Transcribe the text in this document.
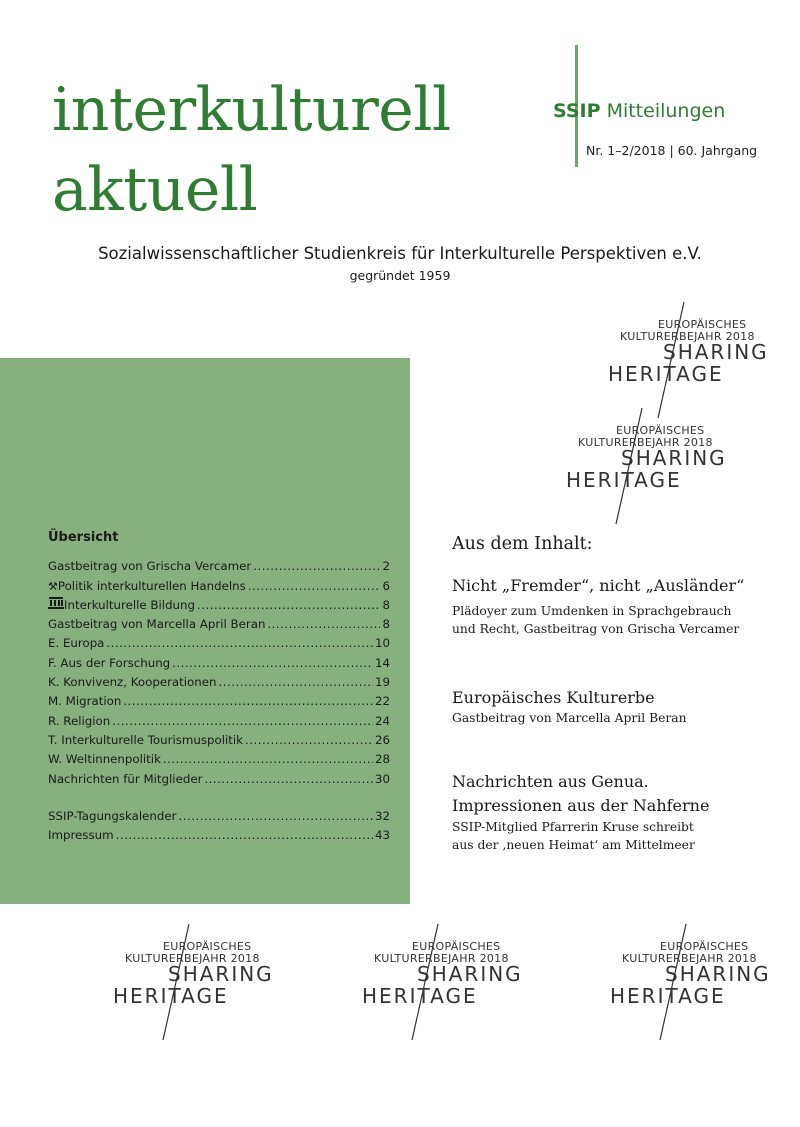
interkulturell
aktuell
SSIP Mitteilungen
Nr. 1–2/2018 | 60. Jahrgang
Sozialwissenschaftlicher Studienkreis für Interkulturelle Perspektiven e.V.
gegründet 1959
Übersicht
Gastbeitrag von Grischa Vercamer .....	2
⚒ Politik interkulturellen Handelns .....	6
Interkulturelle Bildung .....	8
Gastbeitrag von Marcella April Beran .....	8
E. Europa .....	10
F. Aus der Forschung .....	14
K. Konvivenz, Kooperationen .....	19
M. Migration .....	22
R. Religion .....	24
T. Interkulturelle Tourismuspolitik .....	26
W. Weltinnenpolitik .....	28
Nachrichten für Mitglieder .....	30
SSIP-Tagungskalender .....	32
Impressum .....	43
Aus dem Inhalt:
Nicht „Fremder“, nicht „Ausländer“
Plädoyer zum Umdenken in Sprachgebrauch
und Recht, Gastbeitrag von Grischa Vercamer
Europäisches Kulturerbe
Gastbeitrag von Marcella April Beran
Nachrichten aus Genua.
Impressionen aus der Nahferne
SSIP-Mitglied Pfarrerin Kruse schreibt
aus der ‚neuen Heimat‘ am Mittelmeer
EUROPÄISCHES
KULTURERBEJAHR 2018
SHARING
HERITAGE
EUROPÄISCHES
KULTURERBEJAHR 2018
SHARING
HERITAGE
EUROPÄISCHES
KULTURERBEJAHR 2018
SHARING
HERITAGE
EUROPÄISCHES
KULTURERBEJAHR 2018
SHARING
HERITAGE
EUROPÄISCHES
KULTURERBEJAHR 2018
SHARING
HERITAGE
